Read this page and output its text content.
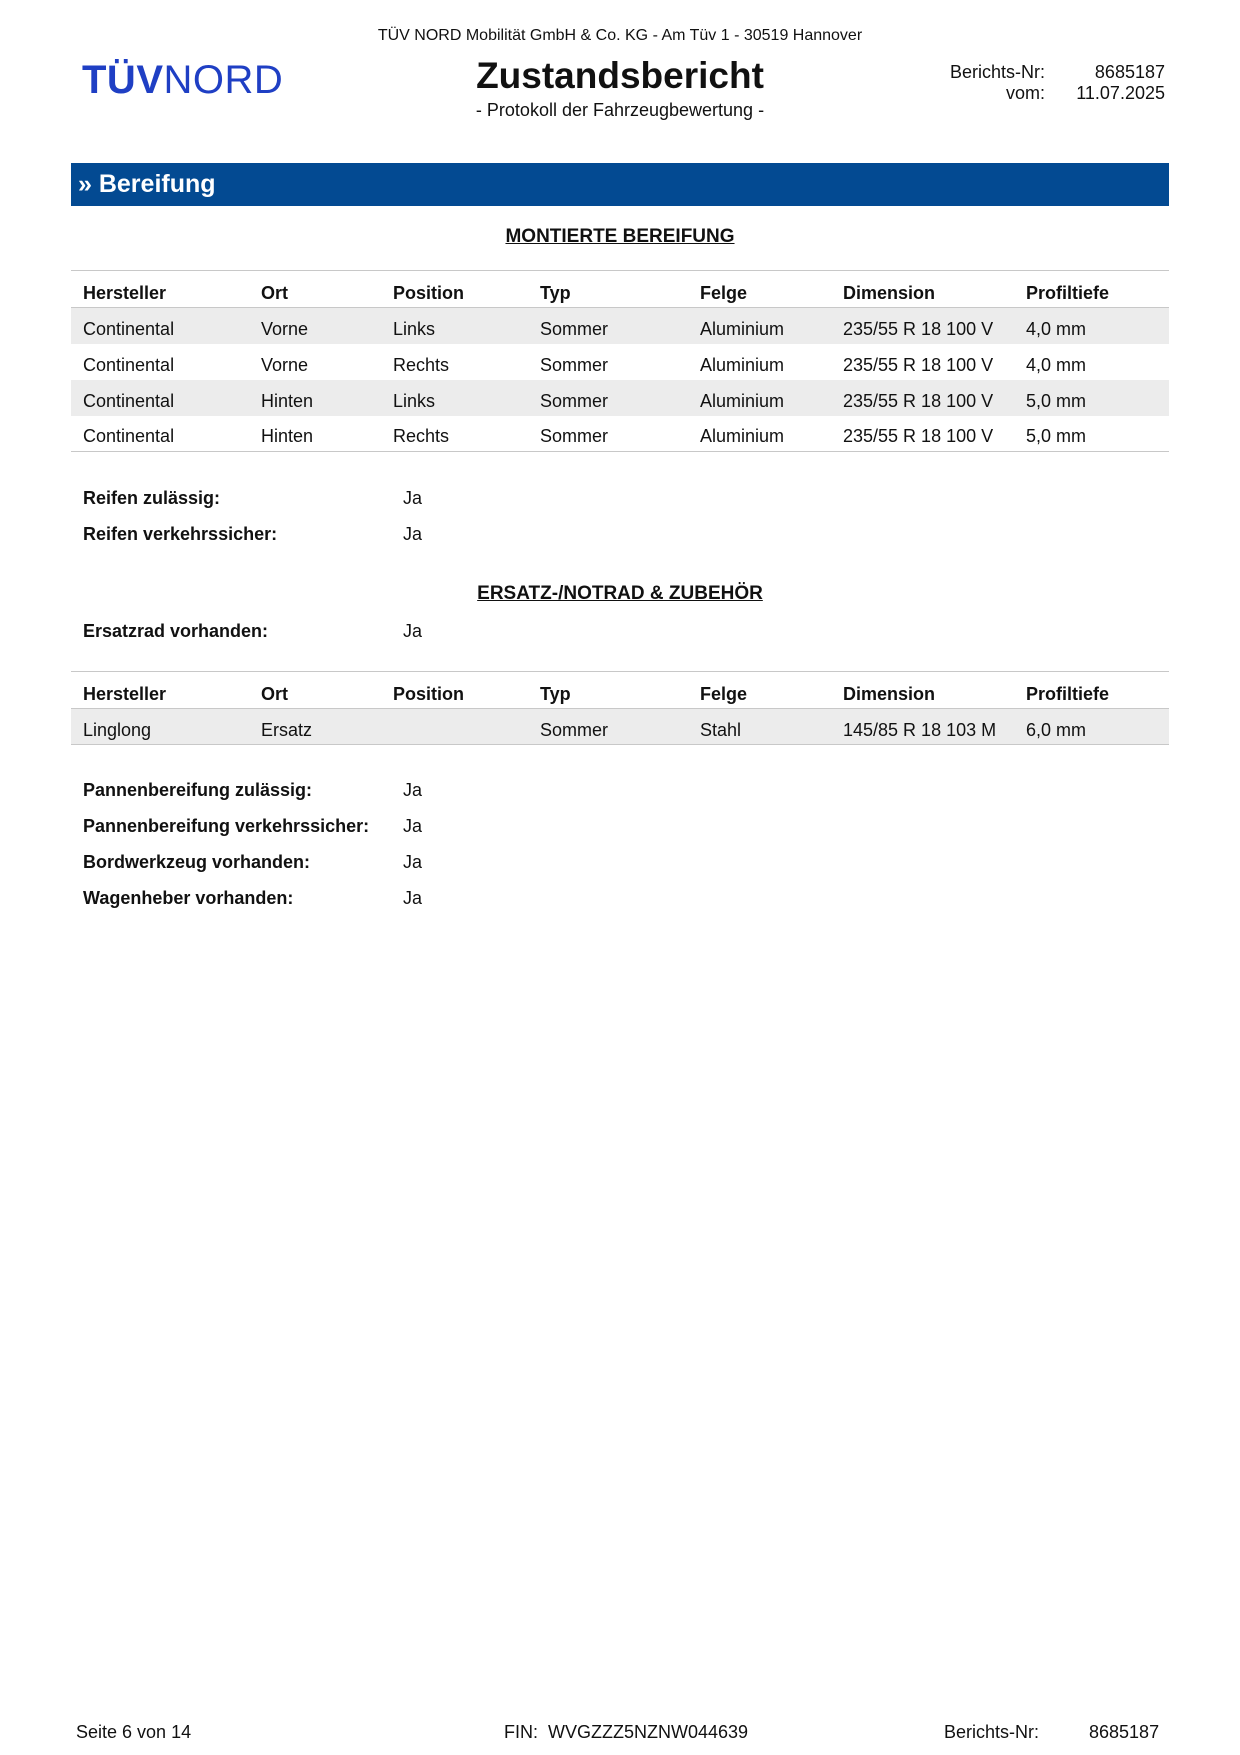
TÜV NORD Mobilität GmbH & Co. KG - Am Tüv 1 - 30519 Hannover
TÜVNORD	Zustandsbericht
- Protokoll der Fahrzeugbewertung -
Berichts-Nr:	8685187
vom:	11.07.2025
» Bereifung
MONTIERTE BEREIFUNG
Hersteller	Ort	Position	Typ	Felge	Dimension	Profiltiefe
Continental	Vorne	Links	Sommer	Aluminium	235/55 R 18 100 V	4,0 mm
Continental	Vorne	Rechts	Sommer	Aluminium	235/55 R 18 100 V	4,0 mm
Continental	Hinten	Links	Sommer	Aluminium	235/55 R 18 100 V	5,0 mm
Continental	Hinten	Rechts	Sommer	Aluminium	235/55 R 18 100 V	5,0 mm
Reifen zulässig:	Ja
Reifen verkehrssicher:	Ja
ERSATZ-/NOTRAD & ZUBEHÖR
Ersatzrad vorhanden:	Ja
Hersteller	Ort	Position	Typ	Felge	Dimension	Profiltiefe
Linglong	Ersatz		Sommer	Stahl	145/85 R 18 103 M	6,0 mm
Pannenbereifung zulässig:	Ja
Pannenbereifung verkehrssicher:	Ja
Bordwerkzeug vorhanden:	Ja
Wagenheber vorhanden:	Ja
Seite 6 von 14	FIN: WVGZZZ5NZNW044639	Berichts-Nr:	8685187
